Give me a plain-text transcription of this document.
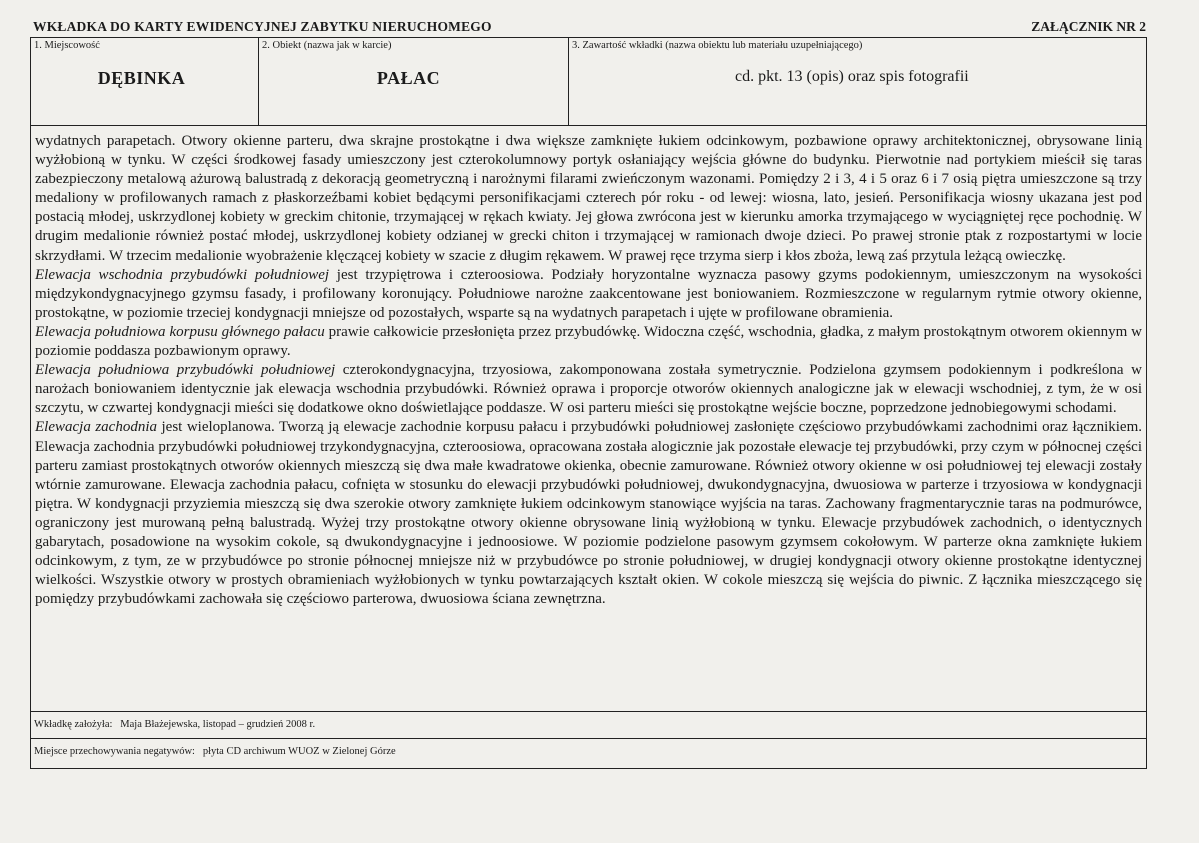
WKŁADKA DO KARTY EWIDENCYJNEJ ZABYTKU NIERUCHOMEGO	ZAŁĄCZNIK NR 2
1. Miejscowość
DĘBINKA
2. Obiekt (nazwa jak w karcie)
PAŁAC
3. Zawartość wkładki (nazwa obiektu lub materiału uzupełniającego)
cd. pkt. 13 (opis) oraz spis fotografii

wydatnych parapetach. Otwory okienne parteru, dwa skrajne prostokątne i dwa większe zamknięte łukiem odcinkowym, pozbawione oprawy architektonicznej, obrysowane linią wyżłobioną w tynku. W części środkowej fasady umieszczony jest czterokolumnowy portyk osłaniający wejścia główne do budynku. Pierwotnie nad portykiem mieścił się taras zabezpieczony metalową ażurową balustradą z dekoracją geometryczną i narożnymi filarami zwieńczonym wazonami. Pomiędzy 2 i 3, 4 i 5 oraz 6 i 7 osią piętra umieszczone są trzy medaliony w profilowanych ramach z płaskorzeźbami kobiet będącymi personifikacjami czterech pór roku - od lewej: wiosna, lato, jesień. Personifikacja wiosny ukazana jest pod postacią młodej, uskrzydlonej kobiety w greckim chitonie, trzymającej w rękach kwiaty. Jej głowa zwrócona jest w kierunku amorka trzymającego w wyciągniętej ręce pochodnię. W drugim medalionie również postać młodej, uskrzydlonej kobiety odzianej w grecki chiton i trzymającej w ramionach dwoje dzieci. Po prawej stronie ptak z rozpostartymi w locie skrzydłami. W trzecim medalionie wyobrażenie klęczącej kobiety w szacie z długim rękawem. W prawej ręce trzyma sierp i kłos zboża, lewą zaś przytula leżącą owieczkę.

Elewacja wschodnia przybudówki południowej jest trzypiętrowa i czteroosiowa. Podziały horyzontalne wyznacza pasowy gzyms podokiennym, umieszczonym na wysokości międzykondygnacyjnego gzymsu fasady, i profilowany koronujący. Południowe narożne zaakcentowane jest boniowaniem. Rozmieszczone w regularnym rytmie otwory okienne, prostokątne, w poziomie trzeciej kondygnacji mniejsze od pozostałych, wsparte są na wydatnych parapetach i ujęte w profilowane obramienia.

Elewacja południowa korpusu głównego pałacu prawie całkowicie przesłonięta przez przybudówkę. Widoczna część, wschodnia, gładka, z małym prostokątnym otworem okiennym w poziomie poddasza pozbawionym oprawy.

Elewacja południowa przybudówki południowej czterokondygnacyjna, trzyosiowa, zakomponowana została symetrycznie. Podzielona gzymsem podokiennym i podkreślona w narożach boniowaniem identycznie jak elewacja wschodnia przybudówki. Również oprawa i proporcje otworów okiennych analogiczne jak w elewacji wschodniej, z tym, że w osi szczytu, w czwartej kondygnacji mieści się dodatkowe okno doświetlające poddasze. W osi parteru mieści się prostokątne wejście boczne, poprzedzone jednobiegowymi schodami.

Elewacja zachodnia jest wieloplanowa. Tworzą ją elewacje zachodnie korpusu pałacu i przybudówki południowej zasłonięte częściowo przybudówkami zachodnimi oraz łącznikiem. Elewacja zachodnia przybudówki południowej trzykondygnacyjna, czteroosiowa, opracowana została alogicznie jak pozostałe elewacje tej przybudówki, przy czym w północnej części parteru zamiast prostokątnych otworów okiennych mieszczą się dwa małe kwadratowe okienka, obecnie zamurowane. Również otwory okienne w osi południowej tej elewacji zostały wtórnie zamurowane. Elewacja zachodnia pałacu, cofnięta w stosunku do elewacji przybudówki południowej, dwukondygnacyjna, dwuosiowa w parterze i trzyosiowa w kondygnacji piętra. W kondygnacji przyziemia mieszczą się dwa szerokie otwory zamknięte łukiem odcinkowym stanowiące wyjścia na taras. Zachowany fragmentarycznie taras na podmurówce, ograniczony jest murowaną pełną balustradą. Wyżej trzy prostokątne otwory okienne obrysowane linią wyżłobioną w tynku. Elewacje przybudówek zachodnich, o identycznych gabarytach, posadowione na wysokim cokole, są dwukondygnacyjne i jednoosiowe. W poziomie podzielone pasowym gzymsem cokołowym. W parterze okna zamknięte łukiem odcinkowym, z tym, ze w przybudówce po stronie północnej mniejsze niż w przybudówce po stronie południowej, w drugiej kondygnacji otwory okienne prostokątne identycznej wielkości. Wszystkie otwory w prostych obramieniach wyżłobionych w tynku powtarzających kształt okien. W cokole mieszczą się wejścia do piwnic. Z łącznika mieszczącego się pomiędzy przybudówkami zachowała się częściowo parterowa, dwuosiowa ściana zewnętrzna.

Wkładkę założyła: Maja Błażejewska, listopad – grudzień 2008 r.
Miejsce przechowywania negatywów: płyta CD archiwum WUOZ w Zielonej Górze
